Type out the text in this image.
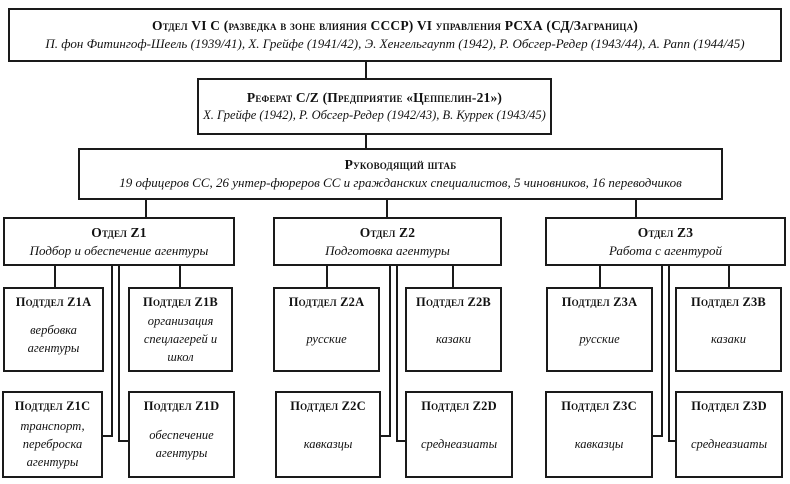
Отдел VI C (разведка в зоне влияния СССР) VI управления РСХА (СД/Заграница)
П. фон Фитингоф-Шеель (1939/41), Х. Грейфе (1941/42), Э. Хенгельгаупт (1942), Р. Обсгер-Редер (1943/44), А. Рапп (1944/45)
Реферат C/Z (Предприятие «Цеппелин-21»)
Х. Грейфе (1942), Р. Обсгер-Редер (1942/43), В. Куррек (1943/45)
Руководящий штаб
19 офицеров СС, 26 унтер-фюреров СС и гражданских специалистов, 5 чиновников, 16 переводчиков
Отдел Z1
Подбор и обеспечение агентуры
Отдел Z2
Подготовка агентуры
Отдел Z3
Работа с агентурой
Подтдел Z1A
вербовка агентуры
Подтдел Z1B
организация спецлагерей и школ
Подтдел Z2A
русские
Подтдел Z2B
казаки
Подтдел Z3A
русские
Подтдел Z3B
казаки
Подтдел Z1C
транспорт, переброска агентуры
Подтдел Z1D
обеспечение агентуры
Подтдел Z2C
кавказцы
Подтдел Z2D
среднеазиаты
Подтдел Z3C
кавказцы
Подтдел Z3D
среднеазиаты
